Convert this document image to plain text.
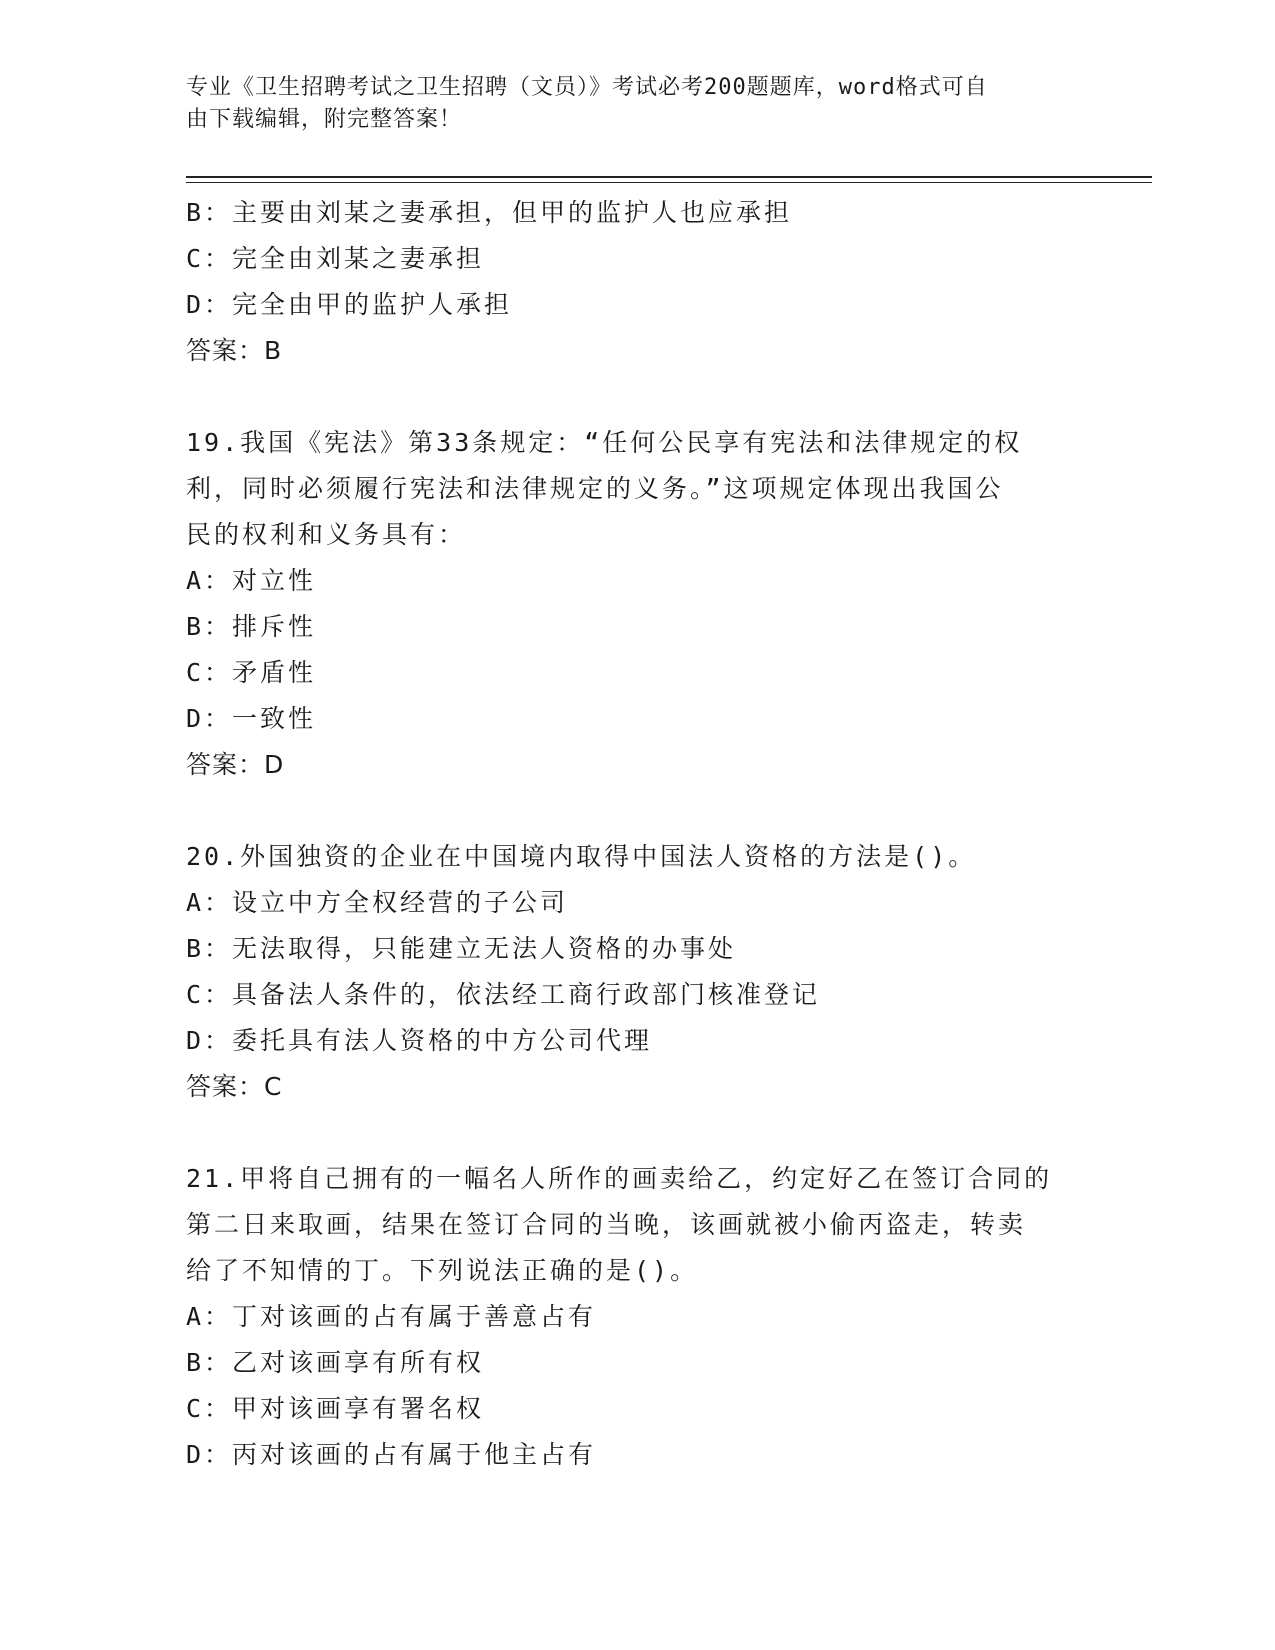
专业《卫生招聘考试之卫生招聘（文员）》考试必考200题题库，word格式可自
由下载编辑，附完整答案！
B：主要由刘某之妻承担，但甲的监护人也应承担
C：完全由刘某之妻承担
D：完全由甲的监护人承担
答案：B
19.我国《宪法》第33条规定：“任何公民享有宪法和法律规定的权
利，同时必须履行宪法和法律规定的义务。”这项规定体现出我国公
民的权利和义务具有：
A：对立性
B：排斥性
C：矛盾性
D：一致性
答案：D
20.外国独资的企业在中国境内取得中国法人资格的方法是()。
A：设立中方全权经营的子公司
B：无法取得，只能建立无法人资格的办事处
C：具备法人条件的，依法经工商行政部门核准登记
D：委托具有法人资格的中方公司代理
答案：C
21.甲将自己拥有的一幅名人所作的画卖给乙，约定好乙在签订合同的
第二日来取画，结果在签订合同的当晚，该画就被小偷丙盗走，转卖
给了不知情的丁。下列说法正确的是()。
A：丁对该画的占有属于善意占有
B：乙对该画享有所有权
C：甲对该画享有署名权
D：丙对该画的占有属于他主占有
